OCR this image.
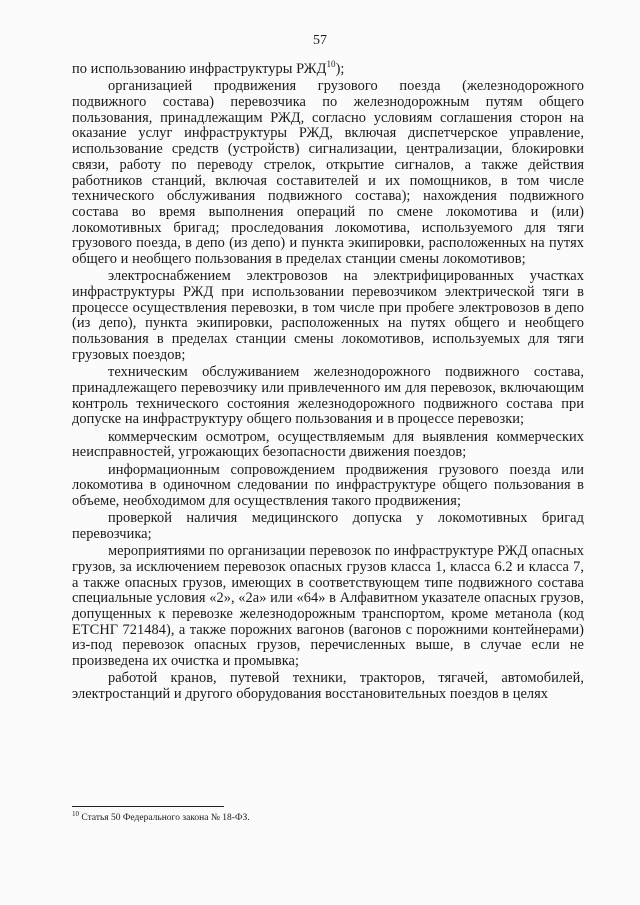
57

по использованию инфраструктуры РЖД$^{10}$);

организацией продвижения грузового поезда (железнодорожного подвижного состава) перевозчика по железнодорожным путям общего пользования, принадлежащим РЖД, согласно условиям соглашения сторон на оказание услуг инфраструктуры РЖД, включая диспетчерское управление, использование средств (устройств) сигнализации, централизации, блокировки связи, работу по переводу стрелок, открытие сигналов, а также действия работников станций, включая составителей и их помощников, в том числе технического обслуживания подвижного состава); нахождения подвижного состава во время выполнения операций по смене локомотива и (или) локомотивных бригад; проследования локомотива, используемого для тяги грузового поезда, в депо (из депо) и пункта экипировки, расположенных на путях общего и необщего пользования в пределах станции смены локомотивов;

электроснабжением электровозов на электрифицированных участках инфраструктуры РЖД при использовании перевозчиком электрической тяги в процессе осуществления перевозки, в том числе при пробеге электровозов в депо (из депо), пункта экипировки, расположенных на путях общего и необщего пользования в пределах станции смены локомотивов, используемых для тяги грузовых поездов;

техническим обслуживанием железнодорожного подвижного состава, принадлежащего перевозчику или привлеченного им для перевозок, включающим контроль технического состояния железнодорожного подвижного состава при допуске на инфраструктуру общего пользования и в процессе перевозки;

коммерческим осмотром, осуществляемым для выявления коммерческих неисправностей, угрожающих безопасности движения поездов;

информационным сопровождением продвижения грузового поезда или локомотива в одиночном следовании по инфраструктуре общего пользования в объеме, необходимом для осуществления такого продвижения;

проверкой наличия медицинского допуска у локомотивных бригад перевозчика;

мероприятиями по организации перевозок по инфраструктуре РЖД опасных грузов, за исключением перевозок опасных грузов класса 1, класса 6.2 и класса 7, а также опасных грузов, имеющих в соответствующем типе подвижного состава специальные условия «2», «2а» или «64» в Алфавитном указателе опасных грузов, допущенных к перевозке железнодорожным транспортом, кроме метанола (код ЕТСНГ 721484), а также порожних вагонов (вагонов с порожними контейнерами) из-под перевозок опасных грузов, перечисленных выше, в случае если не произведена их очистка и промывка;

работой кранов, путевой техники, тракторов, тягачей, автомобилей, электростанций и другого оборудования восстановительных поездов в целях

$^{10}$ Статья 50 Федерального закона № 18-ФЗ.
